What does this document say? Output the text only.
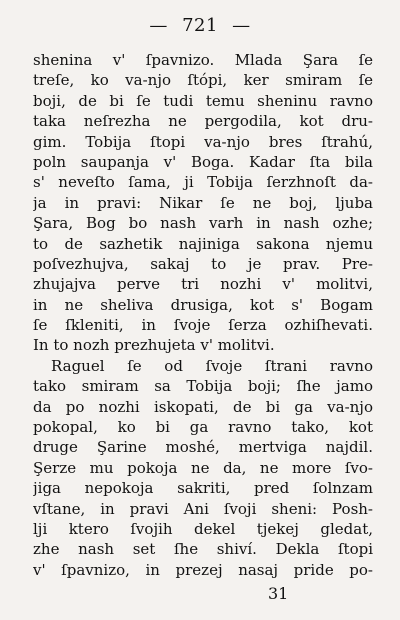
— 721 —
shenina v' ſpavnizo. Mlada Şara ſe
treſe, ko va-njo ſtópi, ker smiram ſe
boji, de bi ſe tudi temu sheninu ravno
taka neſrezha ne pergodila, kot dru-
gim. Tobija ſtopi va-njo bres ſtrahú,
poln saupanja v' Boga. Kadar ſta bila
s' neveſto ſama, ji Tobija ſerzhnoſt da-
ja in pravi: Nikar ſe ne boj, ljuba
Şara, Bog bo nash varh in nash ozhe;
to de sazhetik najiniga sakona njemu
poſvezhujva, sakaj to je prav. Pre-
zhujajva perve tri nozhi v' molitvi,
in ne sheliva drusiga, kot s' Bogam
ſe ſkleniti, in ſvoje ſerza ozhiſhevati.
In to nozh prezhujeta v' molitvi.
Raguel ſe od ſvoje ſtrani ravno
tako smiram sa Tobija boji; ſhe jamo
da po nozhi iskopati, de bi ga va-njo
pokopal, ko bi ga ravno tako, kot
druge Şarine moshé, mertviga najdil.
Şerze mu pokoja ne da, ne more ſvo-
jiga nepokoja sakriti, pred ſolnzam
vſtane, in pravi Ani ſvoji sheni: Posh-
lji ktero ſvojih dekel tjekej gledat,
zhe nash set ſhe shiví. Dekla ſtopi
v' ſpavnizo, in prezej nasaj pride po-
31
